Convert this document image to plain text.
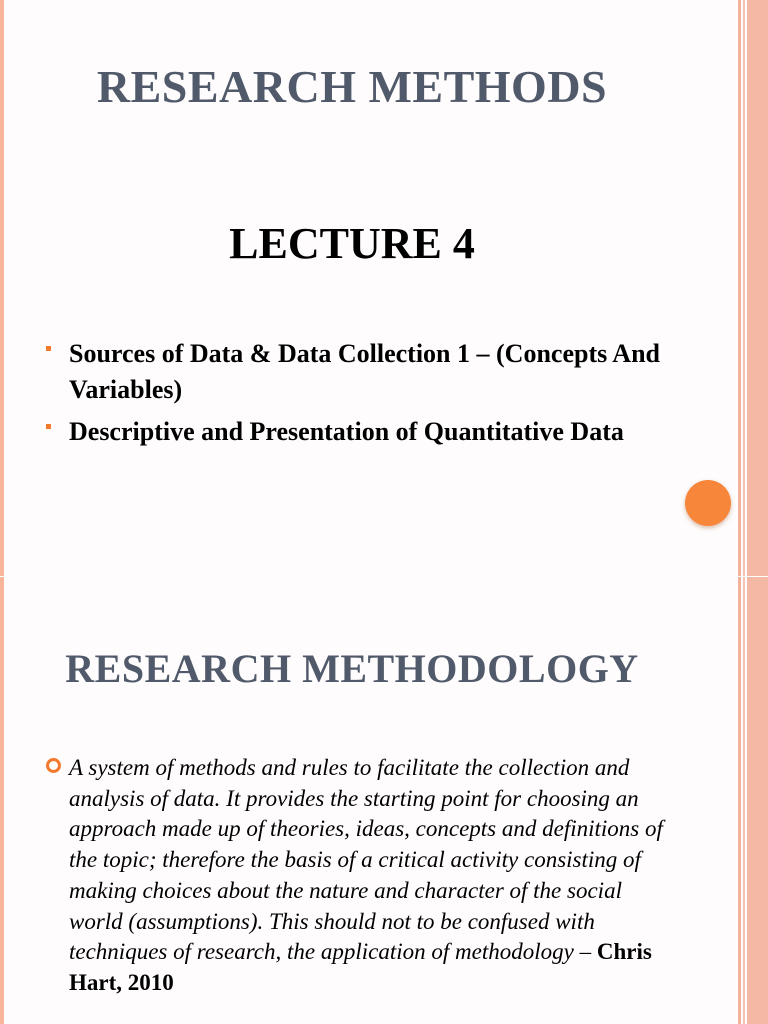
RESEARCH METHODS
LECTURE 4
Sources of Data & Data Collection 1 – (Concepts And Variables)
Descriptive and Presentation of Quantitative Data
RESEARCH METHODOLOGY
A system of methods and rules to facilitate the collection and analysis of data. It provides the starting point for choosing an approach made up of theories, ideas, concepts and definitions of the topic; therefore the basis of a critical activity consisting of making choices about the nature and character of the social world (assumptions). This should not to be confused with techniques of research, the application of methodology – Chris Hart, 2010
